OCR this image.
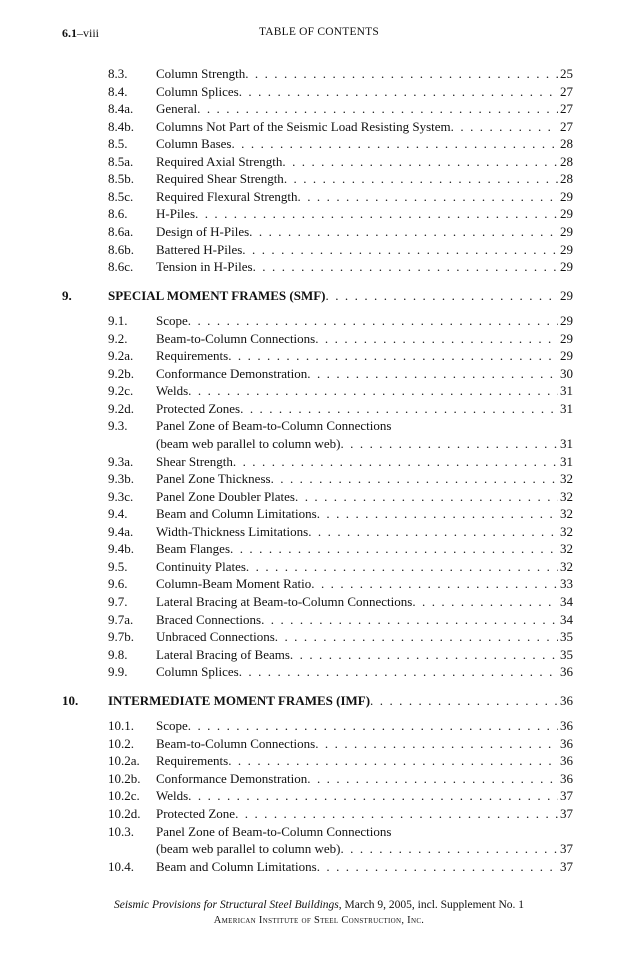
6.1–viii	TABLE OF CONTENTS
8.3. Column Strength . . .	25
8.4. Column Splices . . .	27
8.4a. General . . .	27
8.4b. Columns Not Part of the Seismic Load Resisting System . . .	27
8.5. Column Bases . . .	28
8.5a. Required Axial Strength . . .	28
8.5b. Required Shear Strength . . .	28
8.5c. Required Flexural Strength . . .	29
8.6. H-Piles . . .	29
8.6a. Design of H-Piles . . .	29
8.6b. Battered H-Piles . . .	29
8.6c. Tension in H-Piles . . .	29
9.	SPECIAL MOMENT FRAMES (SMF) . . .	29
9.1. Scope . . .	29
9.2. Beam-to-Column Connections . . .	29
9.2a. Requirements . . .	29
9.2b. Conformance Demonstration . . .	30
9.2c. Welds . . .	31
9.2d. Protected Zones . . .	31
9.3. Panel Zone of Beam-to-Column Connections
(beam web parallel to column web) . . .	31
9.3a. Shear Strength . . .	31
9.3b. Panel Zone Thickness . . .	32
9.3c. Panel Zone Doubler Plates . . .	32
9.4. Beam and Column Limitations . . .	32
9.4a. Width-Thickness Limitations . . .	32
9.4b. Beam Flanges . . .	32
9.5. Continuity Plates . . .	32
9.6. Column-Beam Moment Ratio . . .	33
9.7. Lateral Bracing at Beam-to-Column Connections . . .	34
9.7a. Braced Connections . . .	34
9.7b. Unbraced Connections . . .	35
9.8. Lateral Bracing of Beams . . .	35
9.9. Column Splices . . .	36
10. INTERMEDIATE MOMENT FRAMES (IMF) . . .	36
10.1. Scope . . .	36
10.2. Beam-to-Column Connections . . .	36
10.2a. Requirements . . .	36
10.2b. Conformance Demonstration . . .	36
10.2c. Welds . . .	37
10.2d. Protected Zone . . .	37
10.3. Panel Zone of Beam-to-Column Connections
(beam web parallel to column web) . . .	37
10.4. Beam and Column Limitations . . .	37
Seismic Provisions for Structural Steel Buildings, March 9, 2005, incl. Supplement No. 1
American Institute of Steel Construction, Inc.
